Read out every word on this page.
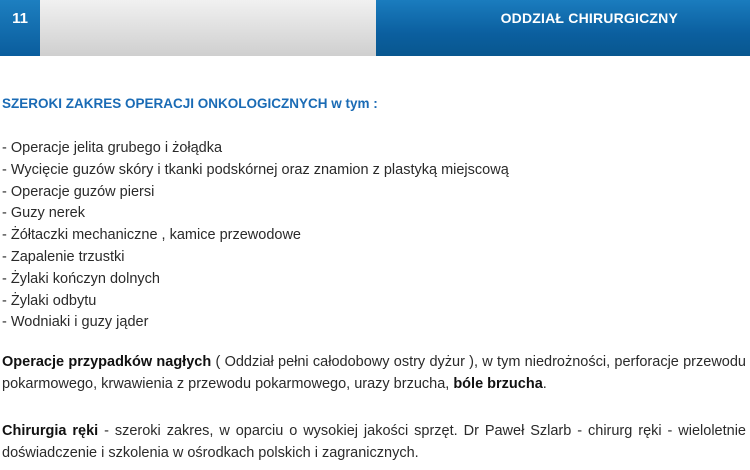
11	ODDZIAŁ CHIRURGICZNY
SZEROKI ZAKRES OPERACJI ONKOLOGICZNYCH w tym :
- Operacje jelita grubego i żołądka
- Wycięcie guzów skóry i tkanki podskórnej oraz znamion z plastyką miejscową
- Operacje guzów piersi
- Guzy nerek
- Żółtaczki mechaniczne , kamice przewodowe
- Zapalenie trzustki
- Żylaki kończyn dolnych
- Żylaki odbytu
- Wodniaki i guzy jąder

Operacje przypadków nagłych ( Oddział pełni całodobowy ostry dyżur ), w tym niedrożności, perforacje przewodu pokarmowego, krwawienia z przewodu pokarmowego, urazy brzucha, bóle brzucha.

Chirurgia ręki - szeroki zakres, w oparciu o wysokiej jakości sprzęt. Dr Paweł Szlarb - chirurg ręki - wieloletnie doświadczenie i szkolenia w ośrodkach polskich i zagranicznych.
